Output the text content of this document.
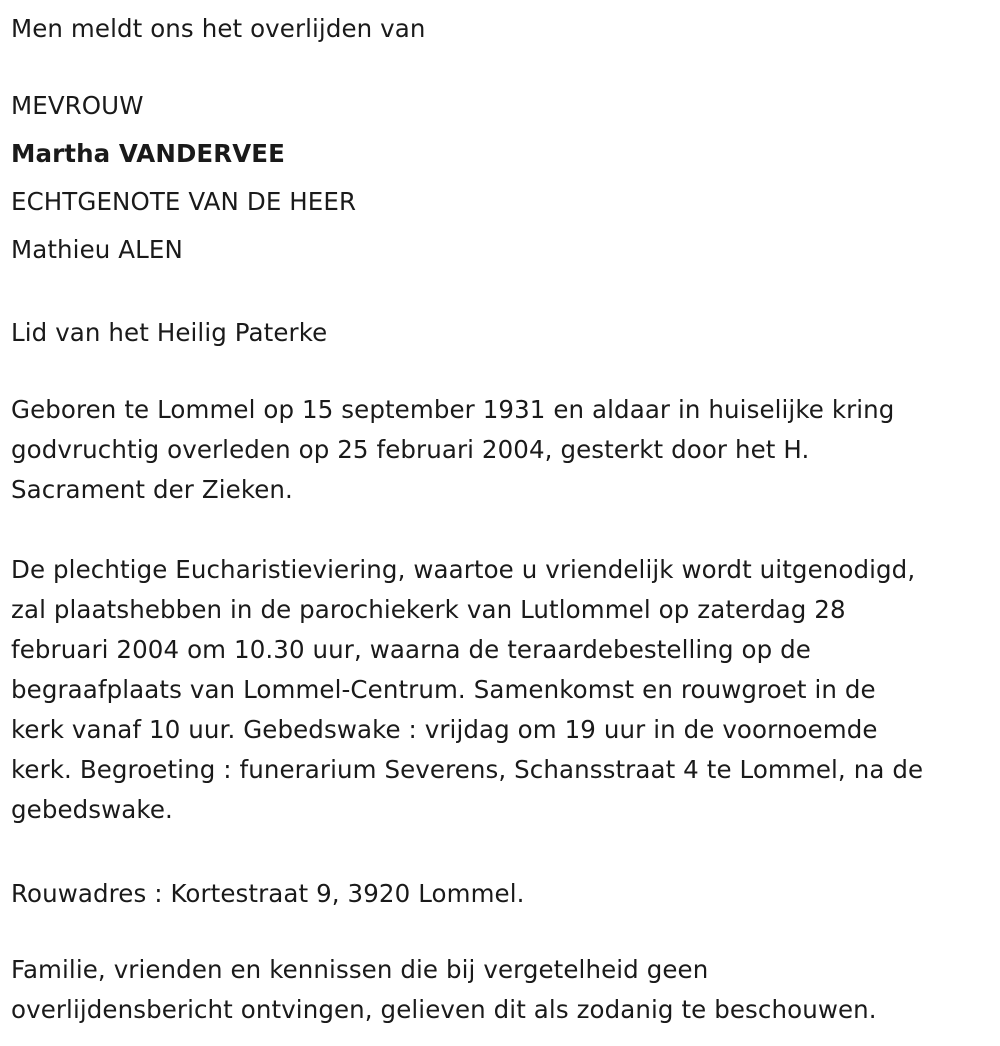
Men meldt ons het overlijden van
MEVROUW
Martha VANDERVEE
ECHTGENOTE VAN DE HEER
Mathieu ALEN
Lid van het Heilig Paterke
Geboren te Lommel op 15 september 1931 en aldaar in huiselijke kring
godvruchtig overleden op 25 februari 2004, gesterkt door het H.
Sacrament der Zieken.
De plechtige Eucharistieviering, waartoe u vriendelijk wordt uitgenodigd,
zal plaatshebben in de parochiekerk van Lutlommel op zaterdag 28
februari 2004 om 10.30 uur, waarna de teraardebestelling op de
begraafplaats van Lommel-Centrum. Samenkomst en rouwgroet in de
kerk vanaf 10 uur. Gebedswake : vrijdag om 19 uur in de voornoemde
kerk. Begroeting : funerarium Severens, Schansstraat 4 te Lommel, na de
gebedswake.
Rouwadres : Kortestraat 9, 3920 Lommel.
Familie, vrienden en kennissen die bij vergetelheid geen
overlijdensbericht ontvingen, gelieven dit als zodanig te beschouwen.
